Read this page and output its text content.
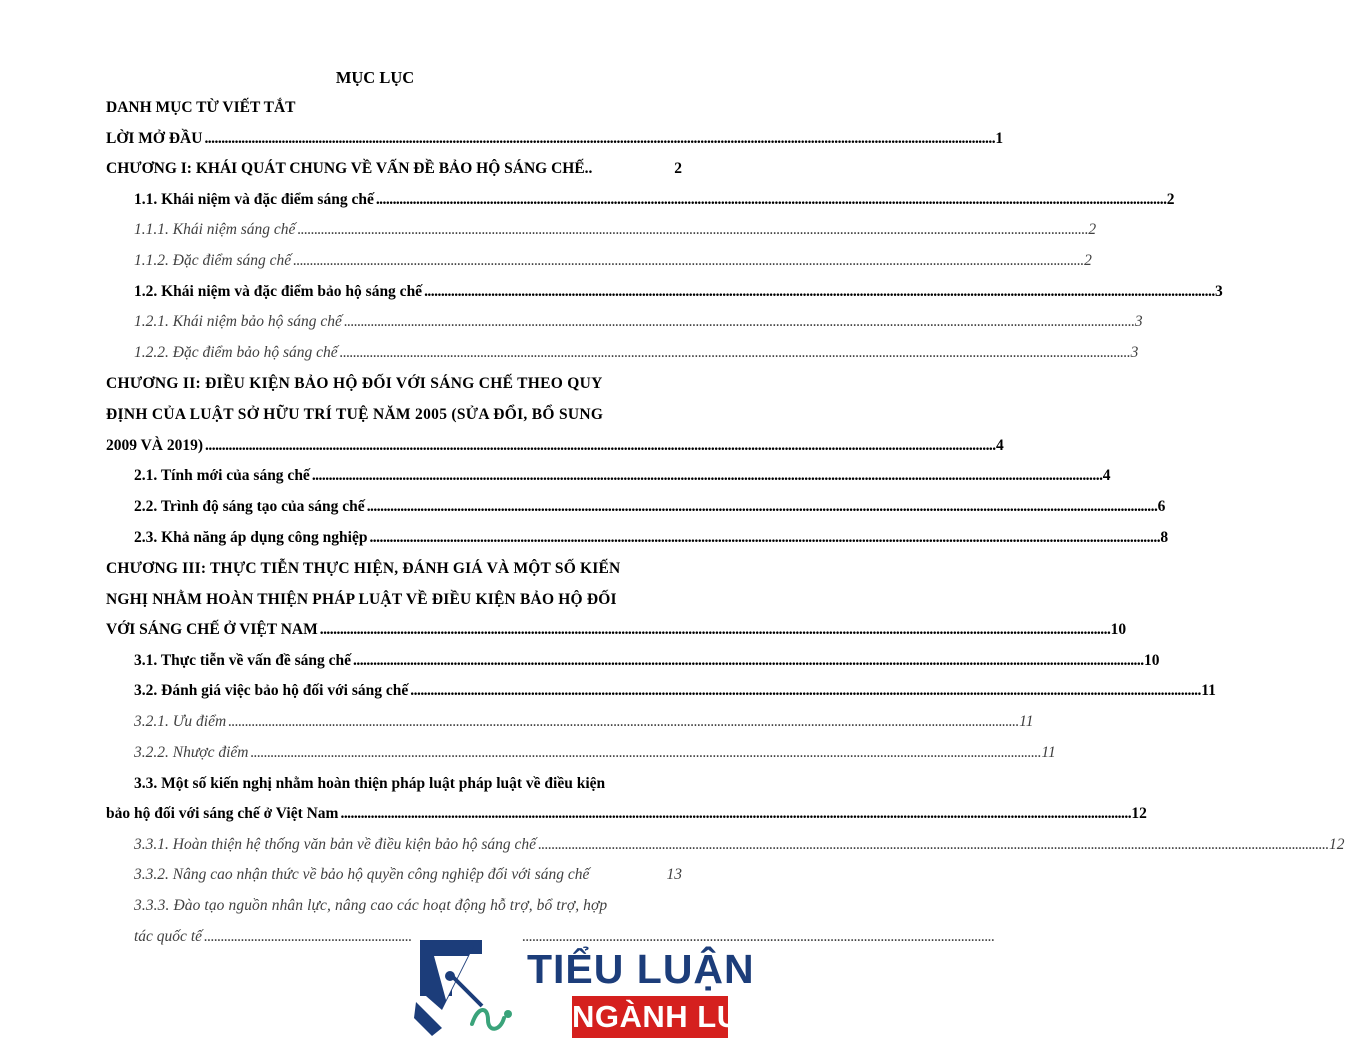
MỤC LỤC
DANH MỤC TỪ VIẾT TẮT
LỜI MỞ ĐẦU . . .	1
CHƯƠNG I: KHÁI QUÁT CHUNG VỀ VẤN ĐỀ BẢO HỘ SÁNG CHẾ..	2
1.1. Khái niệm và đặc điểm sáng chế . . .	2
1.1.1. Khái niệm sáng chế . . .	2
1.1.2. Đặc điểm sáng chế . . .	2
1.2. Khái niệm và đặc điểm bảo hộ sáng chế . . .	3
1.2.1. Khái niệm bảo hộ sáng chế . . .	3
1.2.2. Đặc điểm bảo hộ sáng chế . . .	3
CHƯƠNG II: ĐIỀU KIỆN BẢO HỘ ĐỐI VỚI SÁNG CHẾ THEO QUY
ĐỊNH CỦA LUẬT SỞ HỮU TRÍ TUỆ NĂM 2005 (SỬA ĐỔI, BỔ SUNG
2009 VÀ 2019) . . .	4
2.1. Tính mới của sáng chế . . .	4
2.2. Trình độ sáng tạo của sáng chế . . .	6
2.3. Khả năng áp dụng công nghiệp . . .	8
CHƯƠNG III: THỰC TIỄN THỰC HIỆN, ĐÁNH GIÁ VÀ MỘT SỐ KIẾN
NGHỊ NHẰM HOÀN THIỆN PHÁP LUẬT VỀ ĐIỀU KIỆN BẢO HỘ ĐỐI
VỚI SÁNG CHẾ Ở VIỆT NAM . . .	10
3.1. Thực tiễn về vấn đề sáng chế . . .	10
3.2. Đánh giá việc bảo hộ đối với sáng chế . . .	11
3.2.1. Ưu điểm . . .	11
3.2.2. Nhược điểm . . .	11
3.3. Một số kiến nghị nhằm hoàn thiện pháp luật pháp luật về điều kiện
bảo hộ đối với sáng chế ở Việt Nam . . .	12
3.3.1. Hoàn thiện hệ thống văn bản về điều kiện bảo hộ sáng chế . . .	12
3.3.2. Nâng cao nhận thức về bảo hộ quyền công nghiệp đối với sáng chế	13
3.3.3. Đào tạo nguồn nhân lực, nâng cao các hoạt động hỗ trợ, bổ trợ, hợp
tác quốc tế
. . .
TIỂU LUẬN
NGÀNH LUẬT
